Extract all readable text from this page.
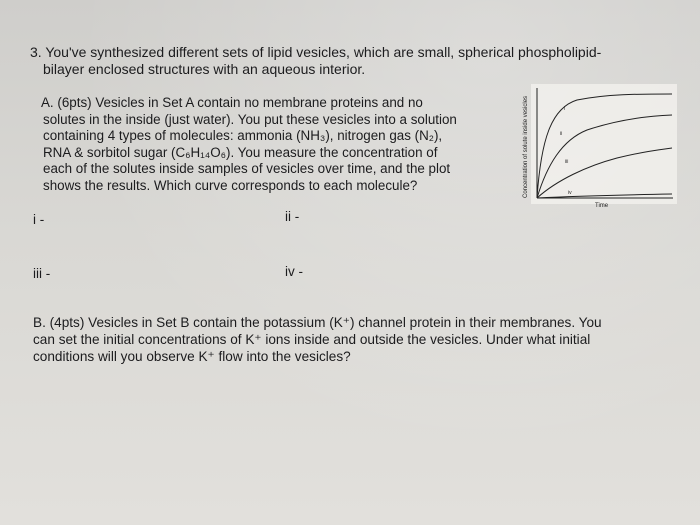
3. You've synthesized different sets of lipid vesicles, which are small, spherical phospholipid-
bilayer enclosed structures with an aqueous interior.
A. (6pts) Vesicles in Set A contain no membrane proteins and no
solutes in the inside (just water). You put these vesicles into a solution
containing 4 types of molecules: ammonia (NH₃), nitrogen gas (N₂),
RNA & sorbitol sugar (C₆H₁₄O₆). You measure the concentration of
each of the solutes inside samples of vesicles over time, and the plot
shows the results. Which curve corresponds to each molecule?	Concentration of solute inside vesicles	i
ii
iii
iv
Time
i -	ii -
iii -	iv -
B. (4pts) Vesicles in Set B contain the potassium (K⁺) channel protein in their membranes. You
can set the initial concentrations of K⁺ ions inside and outside the vesicles. Under what initial
conditions will you observe K⁺ flow into the vesicles?
